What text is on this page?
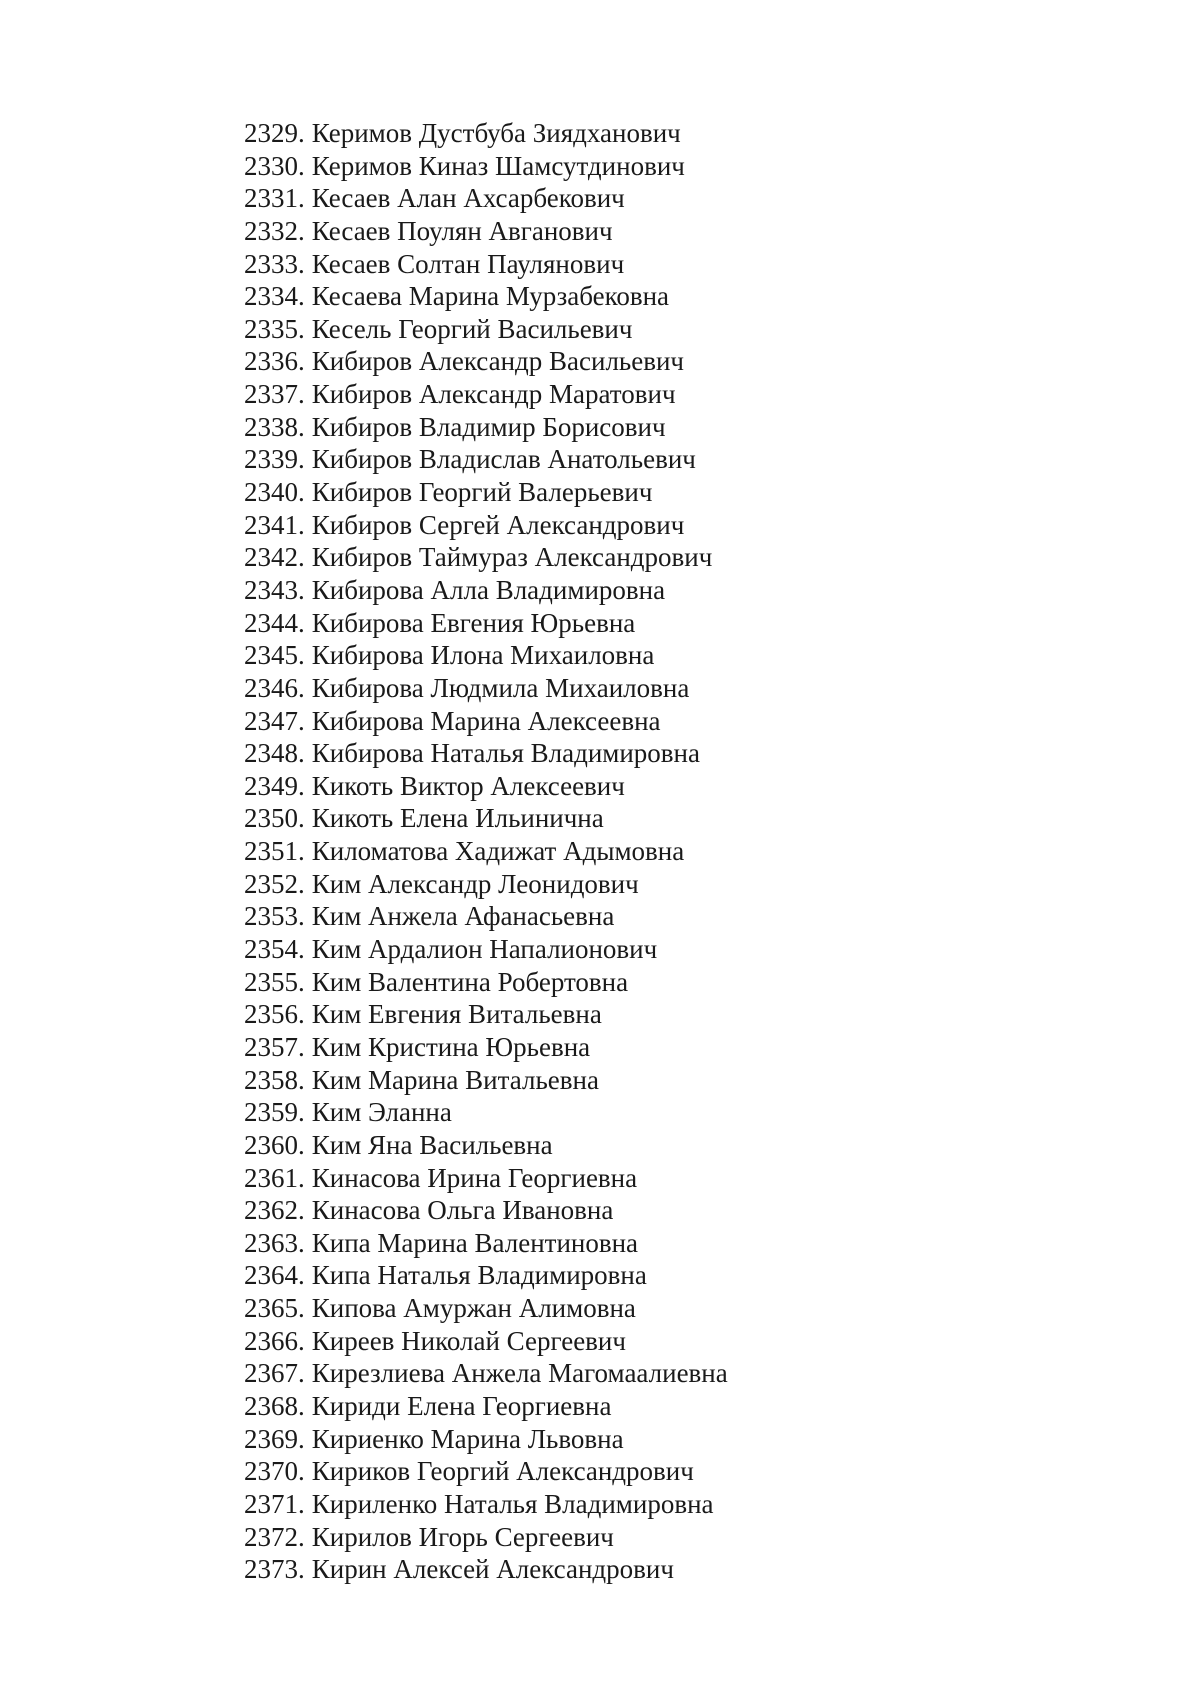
2329. Керимов Дустбуба Зиядханович
2330. Керимов Киназ Шамсутдинович
2331. Кесаев Алан Ахсарбекович
2332. Кесаев Поулян Авганович
2333. Кесаев Солтан Паулянович
2334. Кесаева Марина Мурзабековна
2335. Кесель Георгий Васильевич
2336. Кибиров Александр Васильевич
2337. Кибиров Александр Маратович
2338. Кибиров Владимир Борисович
2339. Кибиров Владислав Анатольевич
2340. Кибиров Георгий Валерьевич
2341. Кибиров Сергей Александрович
2342. Кибиров Таймураз Александрович
2343. Кибирова Алла Владимировна
2344. Кибирова Евгения Юрьевна
2345. Кибирова Илона Михаиловна
2346. Кибирова Людмила Михаиловна
2347. Кибирова Марина Алексеевна
2348. Кибирова Наталья Владимировна
2349. Кикоть Виктор Алексеевич
2350. Кикоть Елена Ильинична
2351. Киломатова Хадижат Адымовна
2352. Ким Александр Леонидович
2353. Ким Анжела Афанасьевна
2354. Ким Ардалион Напалионович
2355. Ким Валентина Робертовна
2356. Ким Евгения Витальевна
2357. Ким Кристина Юрьевна
2358. Ким Марина Витальевна
2359. Ким Эланна
2360. Ким Яна Васильевна
2361. Кинасова Ирина Георгиевна
2362. Кинасова Ольга Ивановна
2363. Кипа Марина Валентиновна
2364. Кипа Наталья Владимировна
2365. Кипова Амуржан Алимовна
2366. Киреев Николай Сергеевич
2367. Кирезлиева Анжела Магомаалиевна
2368. Кириди Елена Георгиевна
2369. Кириенко Марина Львовна
2370. Кириков Георгий Александрович
2371. Кириленко Наталья Владимировна
2372. Кирилов Игорь Сергеевич
2373. Кирин Алексей Александрович
